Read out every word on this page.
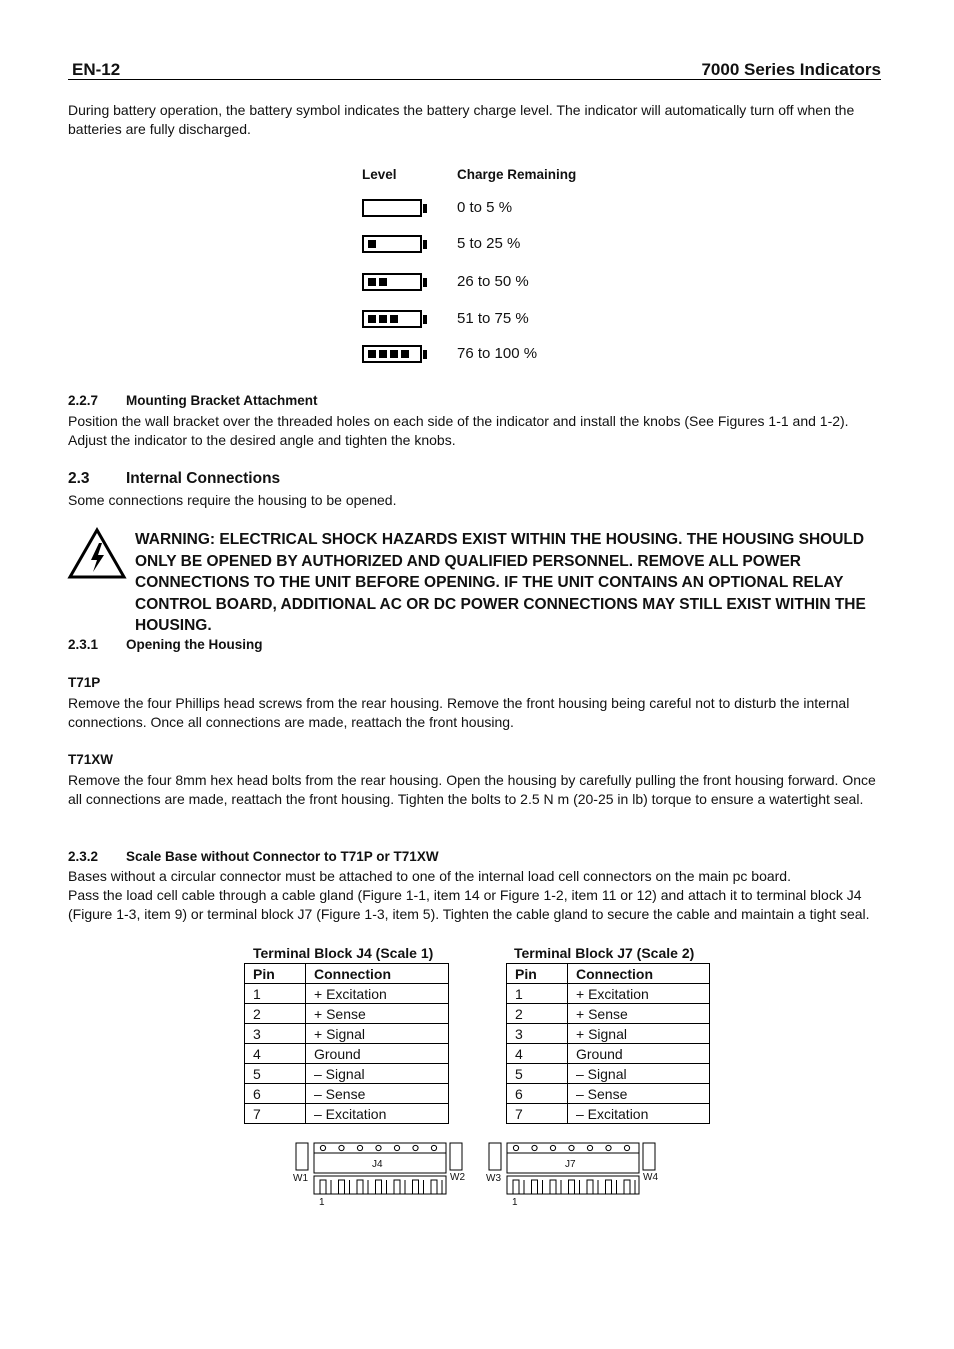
EN-12	7000 Series Indicators
During battery operation, the battery symbol indicates the battery charge level. The indicator will automatically turn off when the batteries are fully discharged.
Level	Charge Remaining
0 to 5 %
5 to 25 %
26 to 50 %
51 to 75 %
76 to 100 %
2.2.7 Mounting Bracket Attachment
Position the wall bracket over the threaded holes on each side of the indicator and install the knobs (See Figures 1-1 and 1-2). Adjust the indicator to the desired angle and tighten the knobs.
2.3 Internal Connections
Some connections require the housing to be opened.
WARNING: ELECTRICAL SHOCK HAZARDS EXIST WITHIN THE HOUSING. THE HOUSING SHOULD ONLY BE OPENED BY AUTHORIZED AND QUALIFIED PERSONNEL. REMOVE ALL POWER CONNECTIONS TO THE UNIT BEFORE OPENING. IF THE UNIT CONTAINS AN OPTIONAL RELAY CONTROL BOARD, ADDITIONAL AC OR DC POWER CONNECTIONS MAY STILL EXIST WITHIN THE HOUSING.
2.3.1 Opening the Housing
T71P
Remove the four Phillips head screws from the rear housing. Remove the front housing being careful not to disturb the internal connections. Once all connections are made, reattach the front housing.
T71XW
Remove the four 8mm hex head bolts from the rear housing. Open the housing by carefully pulling the front housing forward. Once all connections are made, reattach the front housing. Tighten the bolts to 2.5 N m (20-25 in lb) torque to ensure a watertight seal.
2.3.2 Scale Base without Connector to T71P or T71XW
Bases without a circular connector must be attached to one of the internal load cell connectors on the main pc board.
Pass the load cell cable through a cable gland (Figure 1-1, item 14 or Figure 1-2, item 11 or 12) and attach it to terminal block J4 (Figure 1-3, item 9) or terminal block J7 (Figure 1-3, item 5). Tighten the cable gland to secure the cable and maintain a tight seal.
Terminal Block J4 (Scale 1)
Pin	Connection
1	+ Excitation
2	+ Sense
3	+ Signal
4	Ground
5	– Signal
6	– Sense
7	– Excitation
Terminal Block J7 (Scale 2)
Pin	Connection
1	+ Excitation
2	+ Sense
3	+ Signal
4	Ground
5	– Signal
6	– Sense
7	– Excitation
J4
W1	W2
1
J7
W3	W4
1
